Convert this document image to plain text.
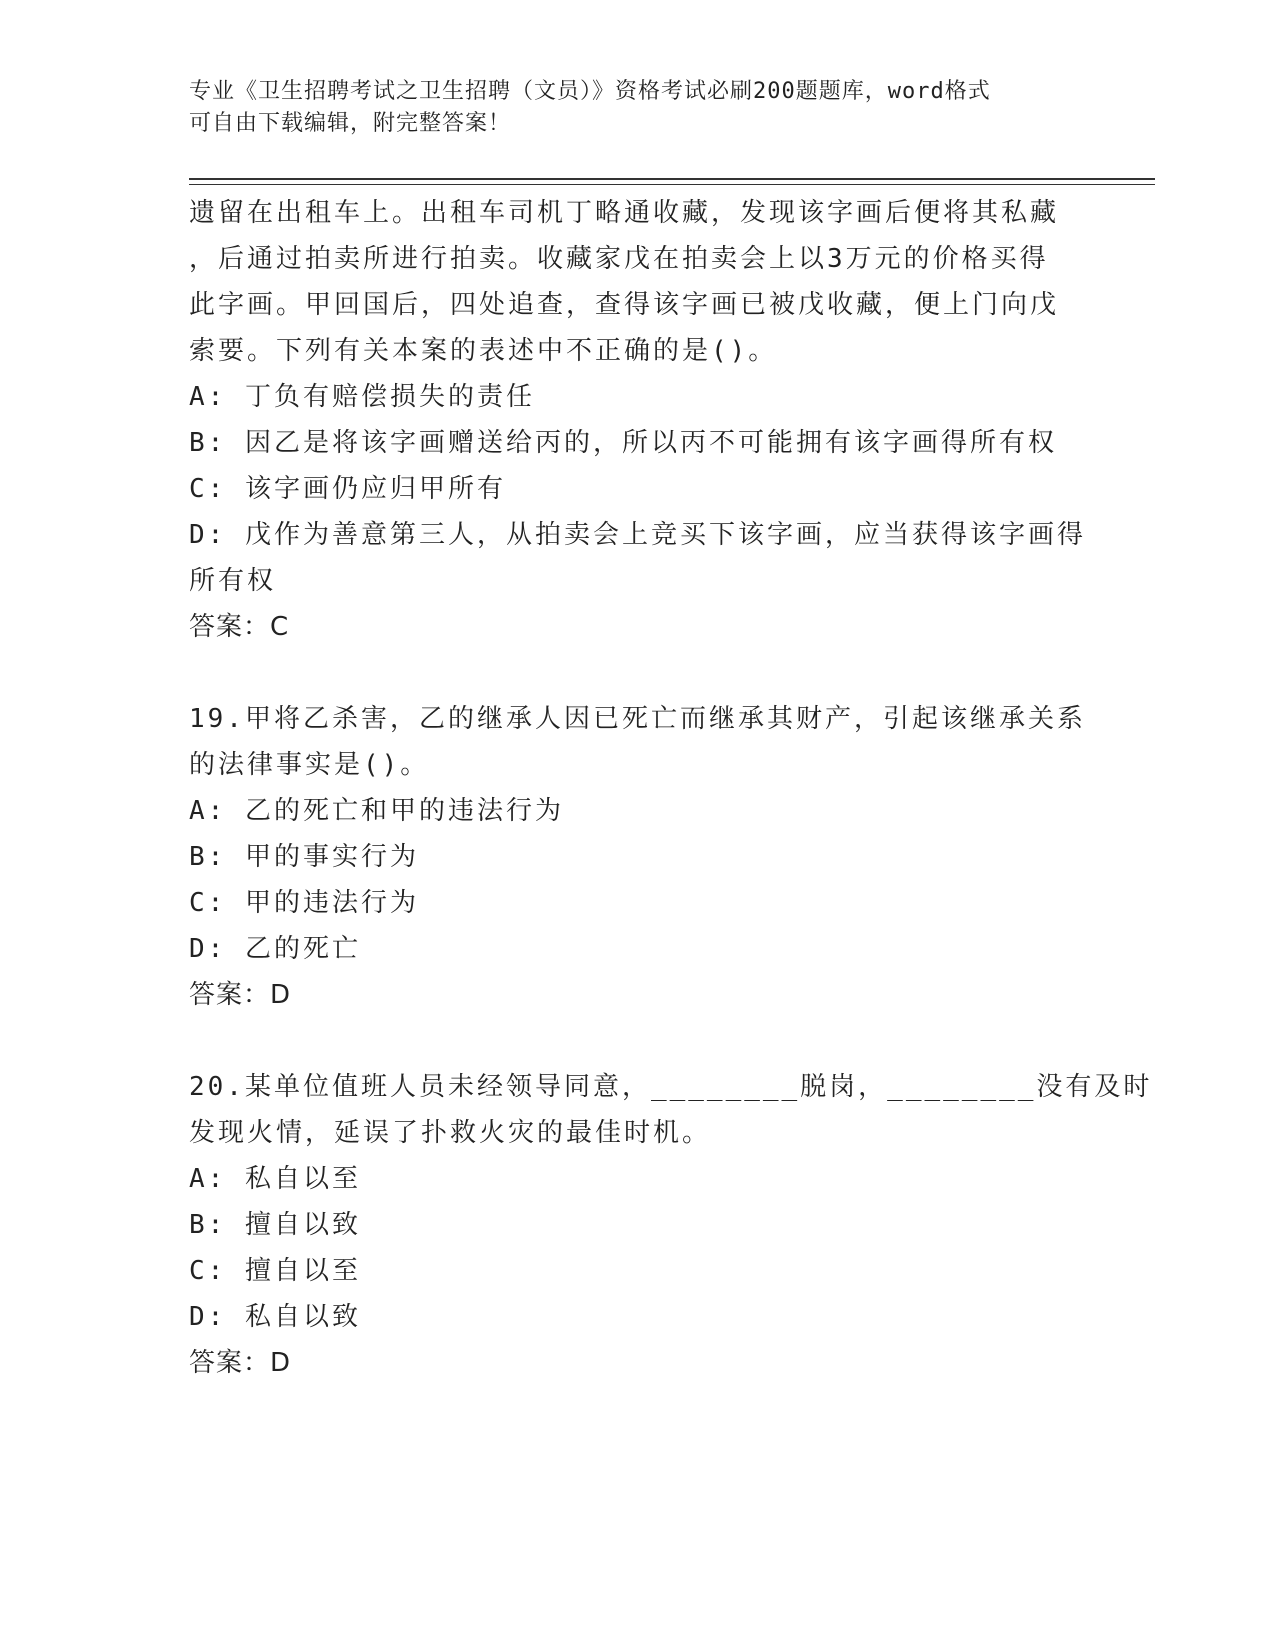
专业《卫生招聘考试之卫生招聘（文员）》资格考试必刷200题题库，word格式
可自由下载编辑，附完整答案！
遗留在出租车上。出租车司机丁略通收藏，发现该字画后便将其私藏
，后通过拍卖所进行拍卖。收藏家戊在拍卖会上以3万元的价格买得
此字画。甲回国后，四处追查，查得该字画已被戊收藏，便上门向戊
索要。下列有关本案的表述中不正确的是()。
A: 丁负有赔偿损失的责任
B: 因乙是将该字画赠送给丙的，所以丙不可能拥有该字画得所有权
C: 该字画仍应归甲所有
D: 戊作为善意第三人，从拍卖会上竞买下该字画，应当获得该字画得
所有权
答案：C
19.甲将乙杀害，乙的继承人因已死亡而继承其财产，引起该继承关系
的法律事实是()。
A: 乙的死亡和甲的违法行为
B: 甲的事实行为
C: 甲的违法行为
D: 乙的死亡
答案：D
20.某单位值班人员未经领导同意，________脱岗，________没有及时
发现火情，延误了扑救火灾的最佳时机。
A: 私自以至
B: 擅自以致
C: 擅自以至
D: 私自以致
答案：D
